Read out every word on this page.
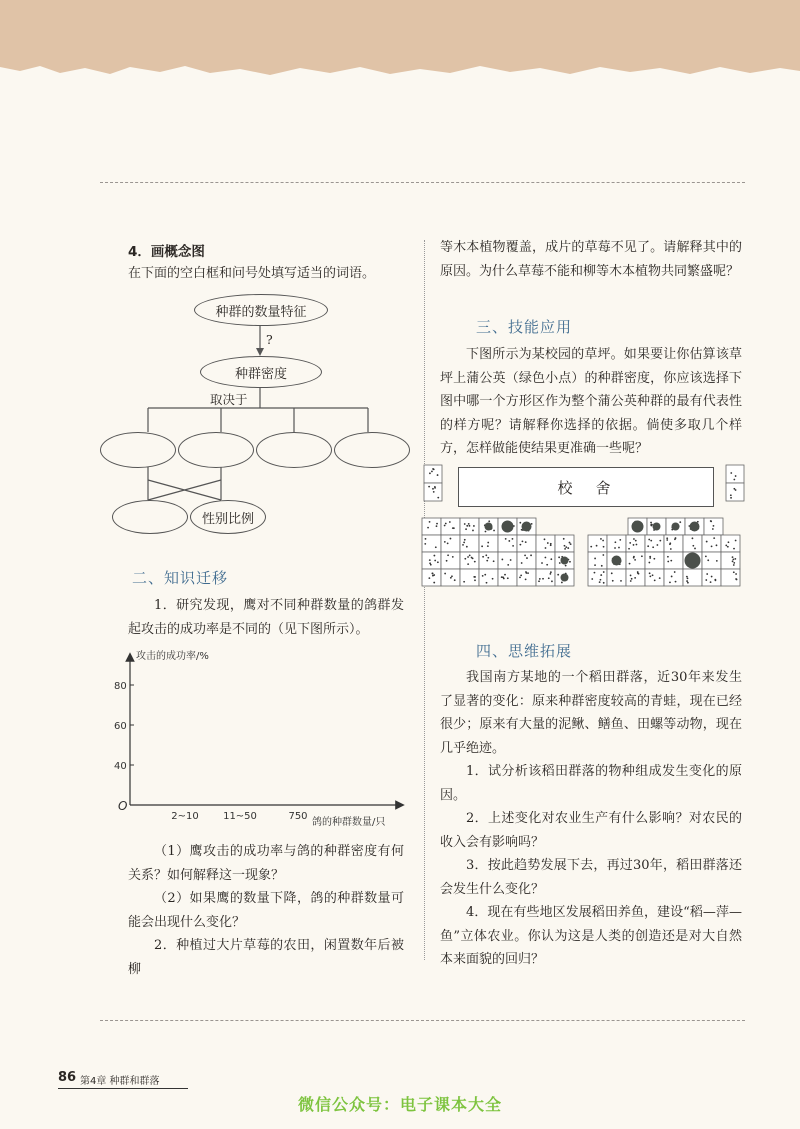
4．画概念图

在下面的空白框和问号处填写适当的词语。

种群的数量特征
?
种群密度
取决于
性别比例
二、知识迁移

1．研究发现，鹰对不同种群数量的鸽群发起攻击的成功率是不同的（见下图所示）。

攻击的成功率/%
鸽的种群数量/只
O
40
60
80
2~10 11~50	750

（1）鹰攻击的成功率与鸽的种群密度有何关系？如何解释这一现象？

（2）如果鹰的数量下降，鸽的种群数量可能会出现什么变化？

2．种植过大片草莓的农田，闲置数年后被柳

等木本植物覆盖，成片的草莓不见了。请解释其中的原因。为什么草莓不能和柳等木本植物共同繁盛呢？

三、技能应用

下图所示为某校园的草坪。如果要让你估算该草坪上蒲公英（绿色小点）的种群密度，你应该选择下图中哪一个方形区作为整个蒲公英种群的最有代表性的样方呢？请解释你选择的依据。倘使多取几个样方，怎样做能使结果更准确一些呢？

校　舍
四、思维拓展

我国南方某地的一个稻田群落，近30年来发生了显著的变化：原来种群密度较高的青蛙，现在已经很少；原来有大量的泥鳅、鳝鱼、田螺等动物，现在几乎绝迹。

1．试分析该稻田群落的物种组成发生变化的原因。

2．上述变化对农业生产有什么影响？对农民的收入会有影响吗？

3．按此趋势发展下去，再过30年，稻田群落还会发生什么变化？

4．现在有些地区发展稻田养鱼，建设“稻—萍—鱼”立体农业。你认为这是人类的创造还是对大自然本来面貌的回归？

86 第4章 种群和群落
微信公众号：电子课本大全
